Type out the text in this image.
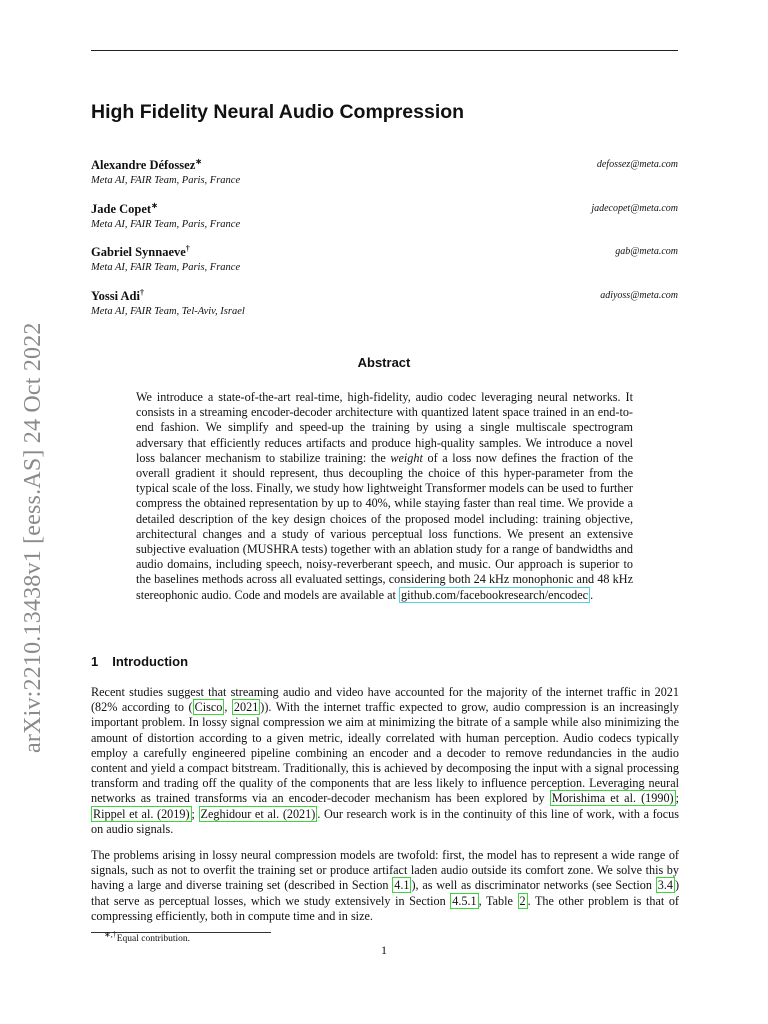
arXiv:2210.13438v1 [eess.AS] 24 Oct 2022
High Fidelity Neural Audio Compression
Alexandre Défossez∗
Meta AI, FAIR Team, Paris, France
defossez@meta.com
Jade Copet∗
Meta AI, FAIR Team, Paris, France
jadecopet@meta.com
Gabriel Synnaeve†
Meta AI, FAIR Team, Paris, France
gab@meta.com
Yossi Adi†
Meta AI, FAIR Team, Tel-Aviv, Israel
adiyoss@meta.com
Abstract
We introduce a state-of-the-art real-time, high-fidelity, audio codec leveraging neural networks. It consists in a streaming encoder-decoder architecture with quantized latent space trained in an end-to-end fashion. We simplify and speed-up the training by using a single multiscale spectrogram adversary that efficiently reduces artifacts and produce high-quality samples. We introduce a novel loss balancer mechanism to stabilize training: the weight of a loss now defines the fraction of the overall gradient it should represent, thus decoupling the choice of this hyper-parameter from the typical scale of the loss. Finally, we study how lightweight Transformer models can be used to further compress the obtained representation by up to 40%, while staying faster than real time. We provide a detailed description of the key design choices of the proposed model including: training objective, architectural changes and a study of various perceptual loss functions. We present an extensive subjective evaluation (MUSHRA tests) together with an ablation study for a range of bandwidths and audio domains, including speech, noisy-reverberant speech, and music. Our approach is superior to the baselines methods across all evaluated settings, considering both 24 kHz monophonic and 48 kHz stereophonic audio. Code and models are available at github.com/facebookresearch/encodec .
1 Introduction
Recent studies suggest that streaming audio and video have accounted for the majority of the internet traffic in 2021 (82% according to ( Cisco , 2021 )). With the internet traffic expected to grow, audio compression is an increasingly important problem. In lossy signal compression we aim at minimizing the bitrate of a sample while also minimizing the amount of distortion according to a given metric, ideally correlated with human perception. Audio codecs typically employ a carefully engineered pipeline combining an encoder and a decoder to remove redundancies in the audio content and yield a compact bitstream. Traditionally, this is achieved by decomposing the input with a signal processing transform and trading off the quality of the components that are less likely to influence perception. Leveraging neural networks as trained transforms via an encoder-decoder mechanism has been explored by Morishima et al. (1990) ; Rippel et al. (2019) ; Zeghidour et al. (2021) . Our research work is in the continuity of this line of work, with a focus on audio signals.
The problems arising in lossy neural compression models are twofold: first, the model has to represent a wide range of signals, such as not to overfit the training set or produce artifact laden audio outside its comfort zone. We solve this by having a large and diverse training set (described in Section 4.1 ), as well as discriminator networks (see Section 3.4 ) that serve as perceptual losses, which we study extensively in Section 4.5.1 , Table 2 . The other problem is that of compressing efficiently, both in compute time and in size.
∗,†Equal contribution.
1
